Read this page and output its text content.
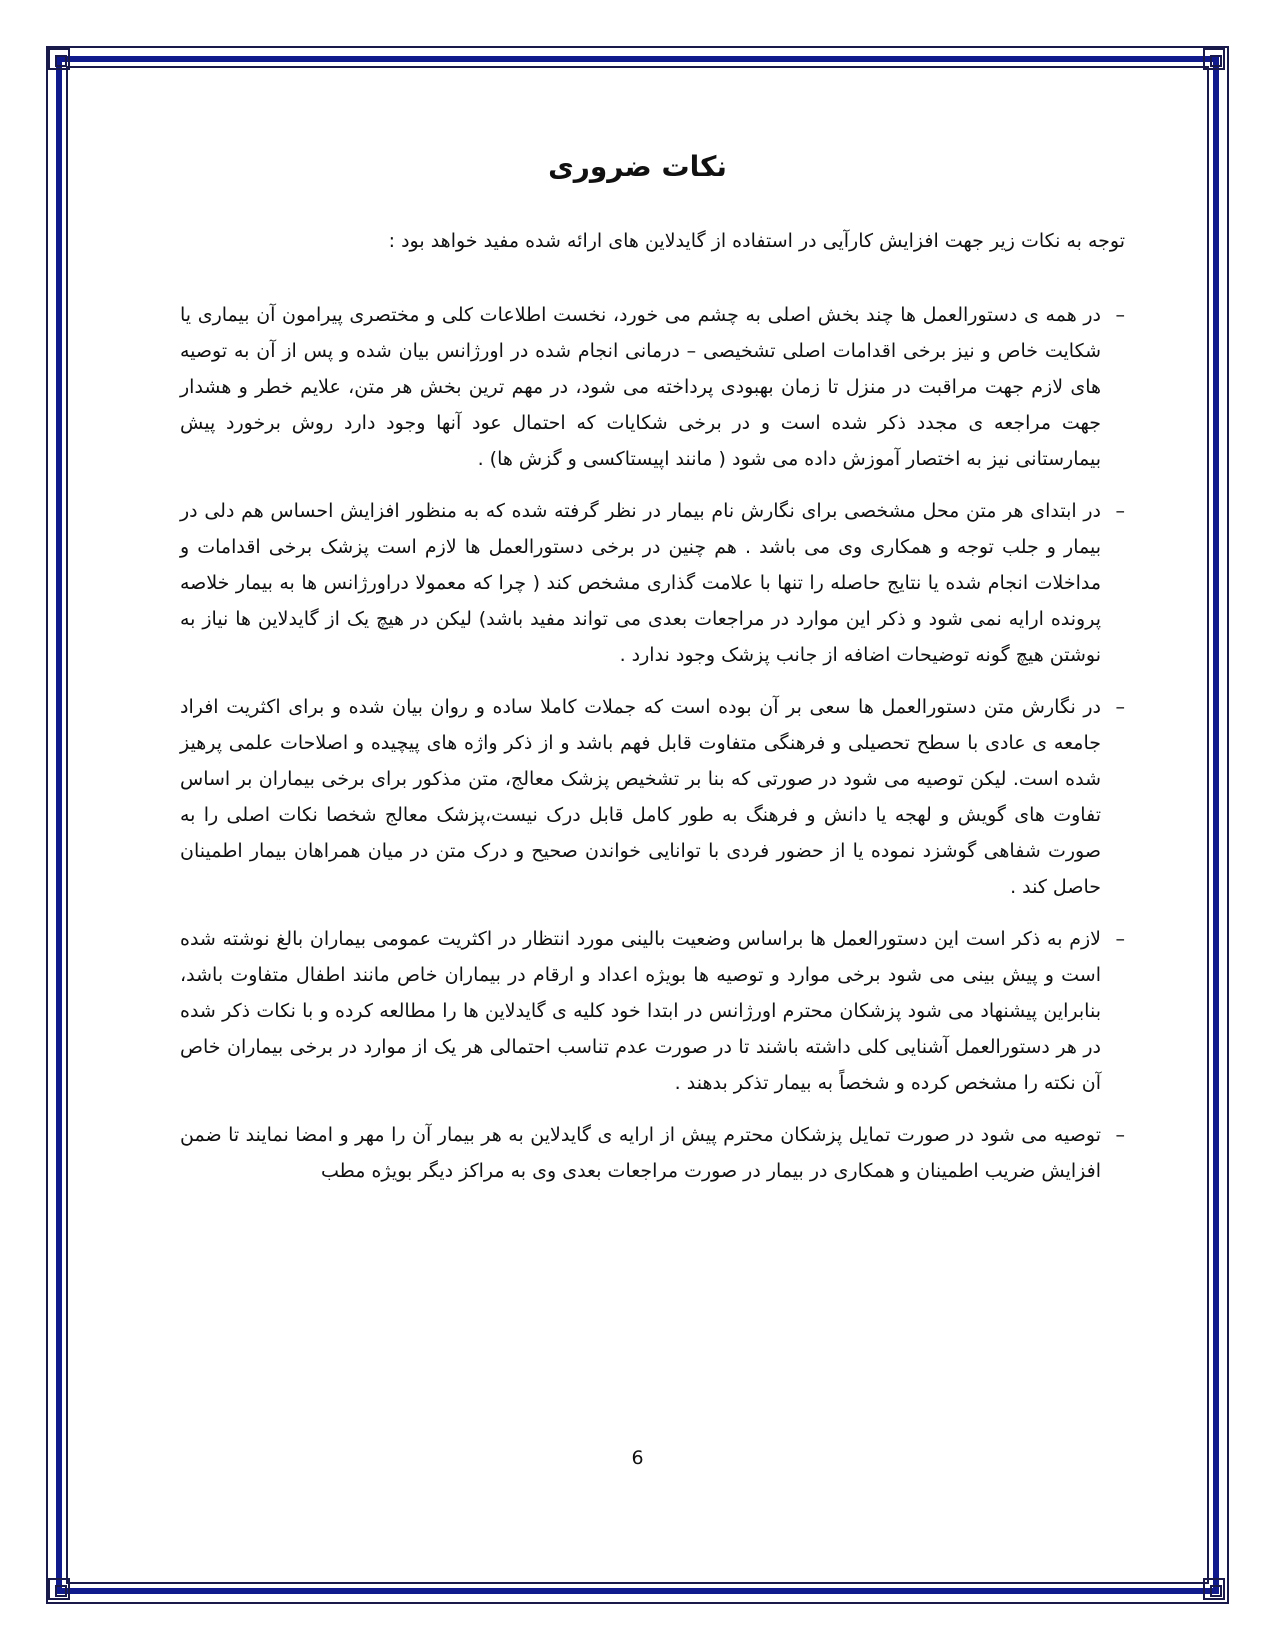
نکات ضروری

توجه به نکات زیر جهت افزایش کارآیی در استفاده از گایدلاین های ارائه شده مفید خواهد بود :

–
در همه ی دستورالعمل ها چند بخش اصلی به چشم می خورد، نخست اطلاعات کلی و مختصری پیرامون آن بیماری یا شکایت خاص و نیز برخی اقدامات اصلی تشخیصی – درمانی انجام شده در اورژانس بیان شده و پس از آن به توصیه های لازم جهت مراقبت در منزل تا زمان بهبودی پرداخته می شود، در مهم ترین بخش هر متن، علایم خطر و هشدار جهت مراجعه ی مجدد ذکر شده است و در برخی شکایات که احتمال عود آنها وجود دارد روش برخورد پیش بیمارستانی نیز به اختصار آموزش داده می شود ( مانند اپیستاکسی و گزش ها) .
–
در ابتدای هر متن محل مشخصی برای نگارش نام بیمار در نظر گرفته شده که به منظور افزایش احساس هم دلی در بیمار و جلب توجه و همکاری وی می باشد . هم چنین در برخی دستورالعمل ها لازم است پزشک برخی اقدامات و مداخلات انجام شده یا نتایج حاصله را تنها با علامت گذاری مشخص کند ( چرا که معمولا دراورژانس ها به بیمار خلاصه پرونده ارایه نمی شود و ذکر این موارد در مراجعات بعدی می تواند مفید باشد) لیکن در هیچ یک از گایدلاین ها نیاز به نوشتن هیچ گونه توضیحات اضافه از جانب پزشک وجود ندارد .
–
در نگارش متن دستورالعمل ها سعی بر آن بوده است که جملات کاملا ساده و روان بیان شده و برای اکثریت افراد جامعه ی عادی با سطح تحصیلی و فرهنگی متفاوت قابل فهم باشد و از ذکر واژه های پیچیده و اصلاحات علمی پرهیز شده است. لیکن توصیه می شود در صورتی که بنا بر تشخیص پزشک معالج، متن مذکور برای برخی بیماران بر اساس تفاوت های گویش و لهجه یا دانش و فرهنگ به طور کامل قابل درک نیست،پزشک معالج شخصا نکات اصلی را به صورت شفاهی گوشزد نموده یا از حضور فردی با توانایی خواندن صحیح و درک متن در میان همراهان بیمار اطمینان حاصل کند .
–
لازم به ذکر است این دستورالعمل ها براساس وضعیت بالینی مورد انتظار در اکثریت عمومی بیماران بالغ نوشته شده است و پیش بینی می شود برخی موارد و توصیه ها بویژه اعداد و ارقام در بیماران خاص مانند اطفال متفاوت باشد، بنابراین پیشنهاد می شود پزشکان محترم اورژانس در ابتدا خود کلیه ی گایدلاین ها را مطالعه کرده و با نکات ذکر شده در هر دستورالعمل آشنایی کلی داشته باشند تا در صورت عدم تناسب احتمالی هر یک از موارد در برخی بیماران خاص آن نکته را مشخص کرده و شخصاً به بیمار تذکر بدهند .
–
توصیه می شود در صورت تمایل پزشکان محترم پیش از ارایه ی گایدلاین به هر بیمار آن را مهر و امضا نمایند تا ضمن افزایش ضریب اطمینان و همکاری در بیمار در صورت مراجعات بعدی وی به مراکز دیگر بویژه مطب
6
